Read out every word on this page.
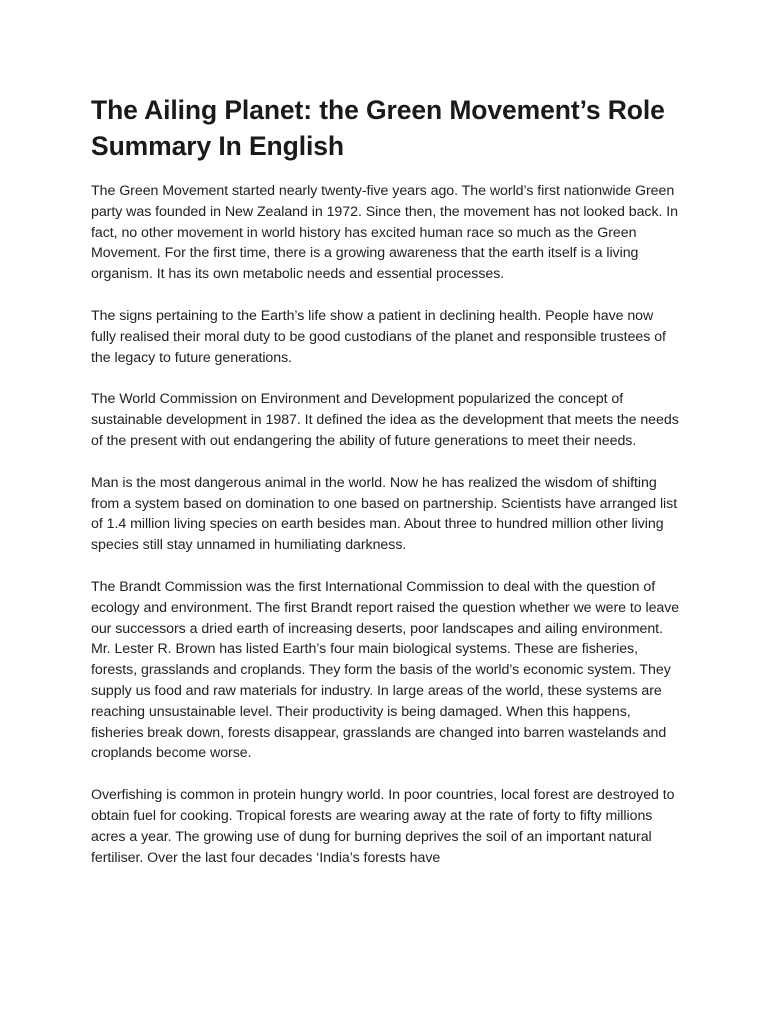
The Ailing Planet: the Green Movement’s Role Summary In English

The Green Movement started nearly twenty-five years ago. The world’s first nationwide Green party was founded in New Zealand in 1972. Since then, the movement has not looked back. In fact, no other movement in world history has excited human race so much as the Green Movement. For the first time, there is a growing awareness that the earth itself is a living organism. It has its own metabolic needs and essential processes.

The signs pertaining to the Earth’s life show a patient in declining health. People have now fully realised their moral duty to be good custodians of the planet and responsible trustees of the legacy to future generations.

The World Commission on Environment and Development popularized the concept of sustainable development in 1987. It defined the idea as the development that meets the needs of the present with out endangering the ability of future generations to meet their needs.

Man is the most dangerous animal in the world. Now he has realized the wisdom of shifting from a system based on domination to one based on partnership. Scientists have arranged list of 1.4 million living species on earth besides man. About three to hundred million other living species still stay unnamed in humiliating darkness.

The Brandt Commission was the first International Commission to deal with the question of ecology and environment. The first Brandt report raised the question whether we were to leave our successors a dried earth of increasing deserts, poor landscapes and ailing environment. Mr. Lester R. Brown has listed Earth’s four main biological systems. These are fisheries, forests, grasslands and croplands. They form the basis of the world’s economic system. They supply us food and raw materials for industry. In large areas of the world, these systems are reaching unsustainable level. Their productivity is being damaged. When this happens, fisheries break down, forests disappear, grasslands are changed into barren wastelands and croplands become worse.

Overfishing is common in protein hungry world. In poor countries, local forest are destroyed to obtain fuel for cooking. Tropical forests are wearing away at the rate of forty to fifty millions acres a year. The growing use of dung for burning deprives the soil of an important natural fertiliser. Over the last four decades ‘India’s forests have
